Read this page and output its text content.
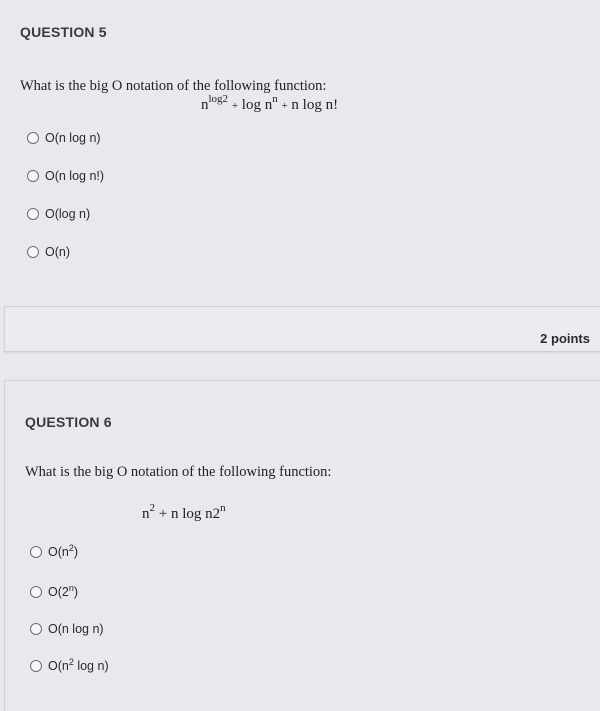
QUESTION 5
What is the big O notation of the following function:
$n^{log2} + \log n^n + n$ log n!
O(n log n)
O(n log n!)
O(log n)
O(n)
2 points
QUESTION 6
What is the big O notation of the following function:
$n^2 + n$ log n2$^n$
$O(n^2)$
O(2$^n$)
O(n log n)
$O(n^2$ log n)
